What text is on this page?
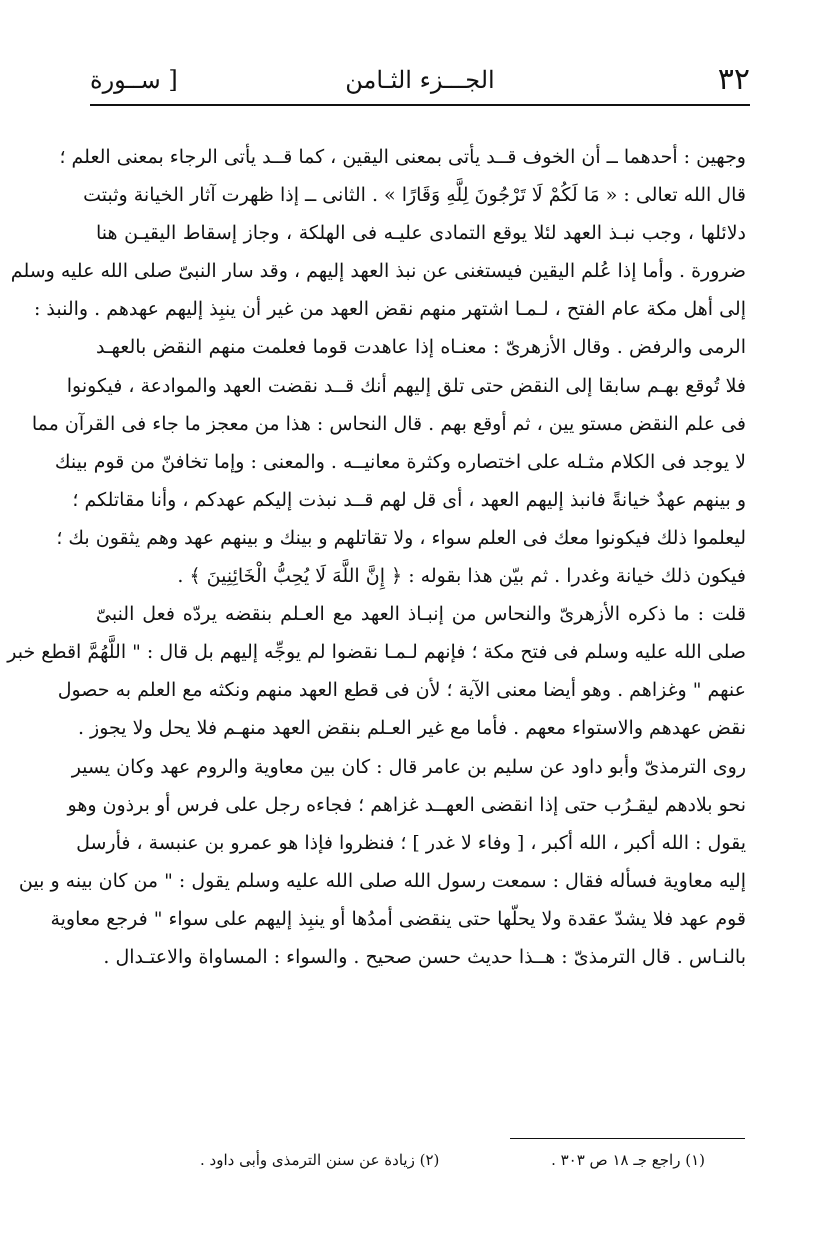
٣٢
الجـــزء الثـامن
[ ســورة
وجهين : أحدهما ــ أن الخوف قــد يأتى بمعنى اليقين ، كما قــد يأتى الرجاء بمعنى العلم ؛
قال الله تعالى : « مَا لَكُمْ لَا تَرْجُونَ لِلَّهِ وَقَارًا » . الثانى ــ إذا ظهرت آثار الخيانة وثبتت
دلائلها ، وجب نبـذ العهد لئلا يوقع التمادى عليـه فى الهلكة ، وجاز إسقاط اليقيـن هنا
ضرورة . وأما إذا عُلم اليقين فيستغنى عن نبذ العهد إليهم ، وقد سار النبىّ صلى الله عليه وسلم
إلى أهل مكة عام الفتح ، لـمـا اشتهر منهم نقض العهد من غير أن ينبِذ إليهم عهدهم . والنبذ :
الرمى والرفض . وقال الأزهرىّ : معنـاه إذا عاهدت قوما فعلمت منهم النقض بالعهـد
فلا تُوقع بهـم سابقا إلى النقض حتى تلق إليهم أنك قــد نقضت العهد والموادعة ، فيكونوا
فى علم النقض مستو يين ، ثم أوقع بهم . قال النحاس : هذا من معجز ما جاء فى القرآن مما
لا يوجد فى الكلام مثـله على اختصاره وكثرة معانيــه . والمعنى : وإما تخافنّ من قوم بينك
و بينهم عهدٌ خيانةً فانبذ إليهم العهد ، أى قل لهم قــد نبذت إليكم عهدكم ، وأنا مقاتلكم ؛
ليعلموا ذلك فيكونوا معك فى العلم سواء ، ولا تقاتلهم و بينك و بينهم عهد وهم يثقون بك ؛
فيكون ذلك خيانة وغدرا . ثم بيّن هذا بقوله : ﴿ إِنَّ اللَّهَ لَا يُحِبُّ الْخَائِنِينَ ﴾ .
قلت : ما ذكره الأزهرىّ والنحاس من إنبـاذ العهد مع العـلم بنقضه يردّه فعل النبىّ
صلى الله عليه وسلم فى فتح مكة ؛ فإنهم لـمـا نقضوا لم يوجِّه إليهم بل قال : " اللَّهُمَّ اقطع خبر
عنهم " وغزاهم . وهو أيضا معنى الآية ؛ لأن فى قطع العهد منهم ونكثه مع العلم به حصول
نقض عهدهم والاستواء معهم . فأما مع غير العـلم بنقض العهد منهـم فلا يحل ولا يجوز .
روى الترمذىّ وأبو داود عن سليم بن عامر قال : كان بين معاوية والروم عهد وكان يسير
نحو بلادهم ليقـرُب حتى إذا انقضى العهــد غزاهم ؛ فجاءه رجل على فرس أو برذون وهو
يقول : الله أكبر ، الله أكبر ، [ وفاء لا غدر ] ؛ فنظروا فإذا هو عمرو بن عنبسة ، فأرسل
إليه معاوية فسأله فقال : سمعت رسول الله صلى الله عليه وسلم يقول : " من كان بينه و بين
قوم عهد فلا يشدّ عقدة ولا يحلّها حتى ينقضى أمدُها أو ينبِذ إليهم على سواء " فرجع معاوية
بالنـاس . قال الترمذىّ : هــذا حديث حسن صحيح . والسواء : المساواة والاعتـدال .
(١) راجع جـ ١٨ ص ٣٠٣ .
(٢) زيادة عن سنن الترمذى وأبى داود .
